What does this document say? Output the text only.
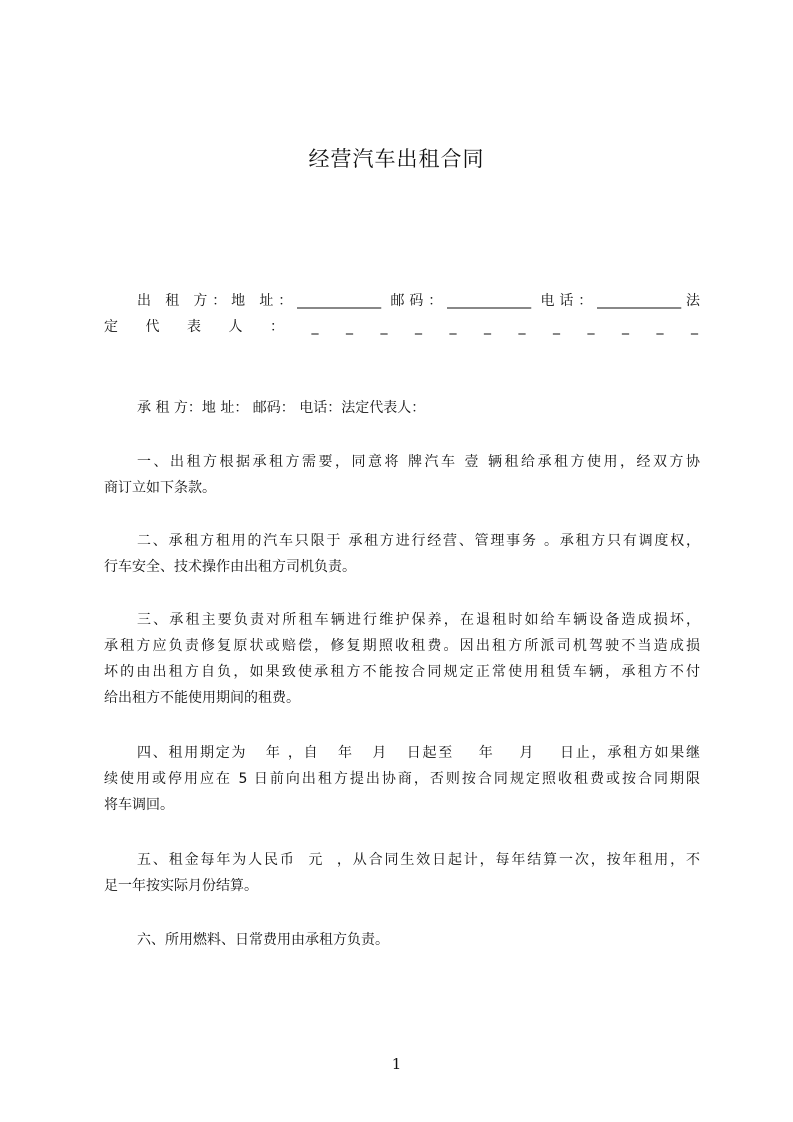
经营汽车出租合同
出 租 方：地 址：____________ 邮码：____________ 电话：____________法
定 代 表 人 ： _ _ _ _ _ _ _ _ _ _ _ _
承 租 方：地 址： 邮码： 电话：法定代表人：
一、出租方根据承租方需要，同意将 牌汽车 壹 辆租给承租方使用，经双方协
商订立如下条款。
二、承租方租用的汽车只限于 承租方进行经营、管理事务 。承租方只有调度权，
行车安全、技术操作由出租方司机负责。
三、承租主要负责对所租车辆进行维护保养，在退租时如给车辆设备造成损坏，
承租方应负责修复原状或赔偿，修复期照收租费。因出租方所派司机驾驶不当造成损
坏的由出租方自负，如果致使承租方不能按合同规定正常使用租赁车辆，承租方不付
给出租方不能使用期间的租费。
四、租用期定为   年 ，自   年   月   日起至    年    月    日止，承租方如果继
续使用或停用应在 5 日前向出租方提出协商，否则按合同规定照收租费或按合同期限
将车调回。
五、租金每年为人民币  元  ，从合同生效日起计，每年结算一次，按年租用，不
足一年按实际月份结算。
六、所用燃料、日常费用由承租方负责。
1
